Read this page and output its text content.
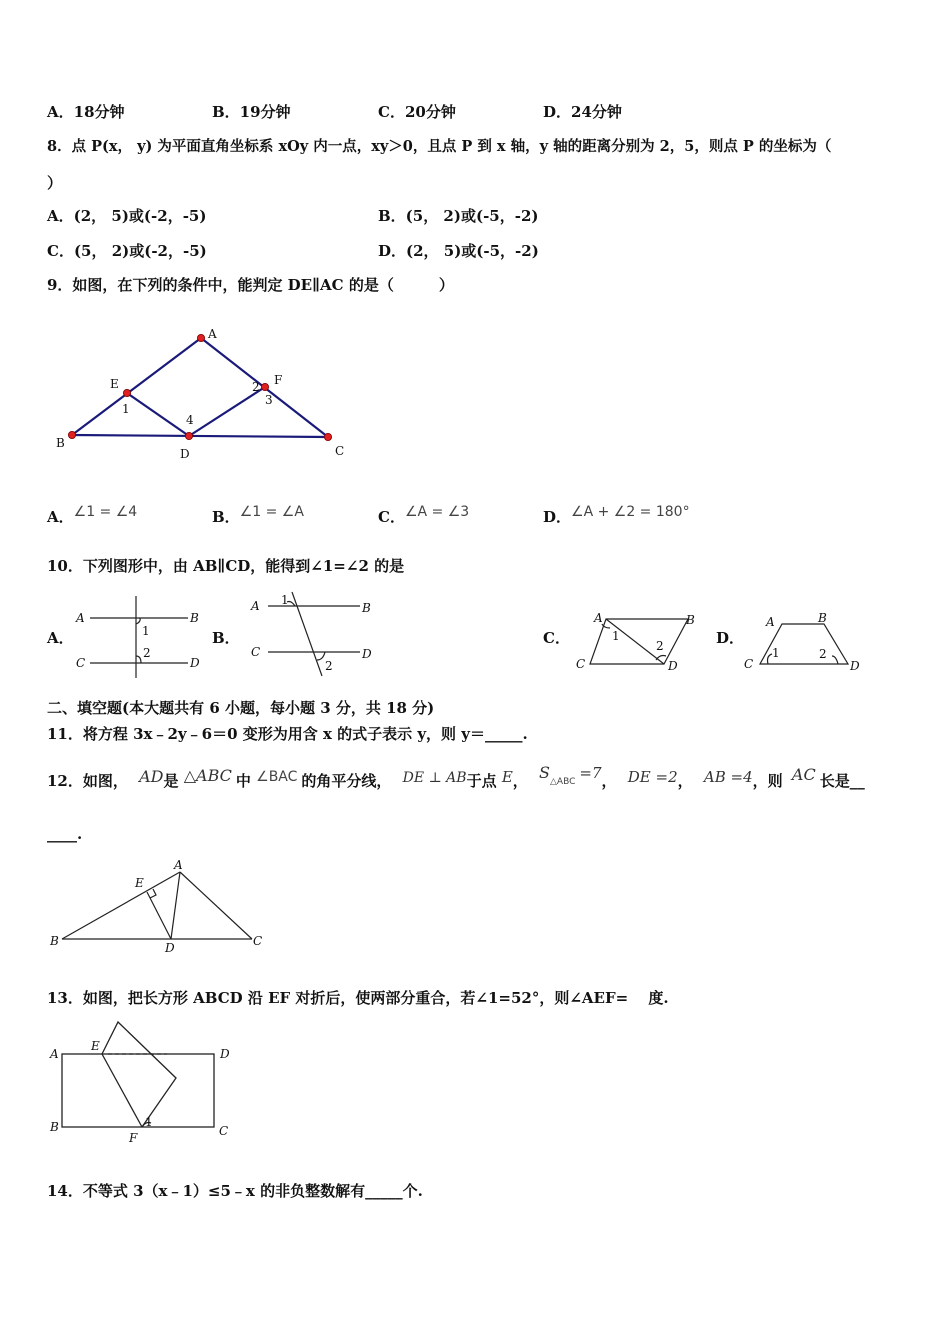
A．18分钟	B．19分钟	C．20分钟	D．24分钟
8．点 P(x， y) 为平面直角坐标系 xOy 内一点，xy＞0，且点 P 到 x 轴，y 轴的距离分别为 2，5，则点 P 的坐标为（
）
A．(2， 5)或(-2，-5)	B．(5， 2)或(-5，-2)
C．(5， 2)或(-2，-5)	D．(2， 5)或(-5，-2)
9．如图，在下列的条件中，能判定 DE∥AC 的是（　　　）
A
B
C
D
E	F
1
2
3
4
A．∠1 = ∠4	B．∠1 = ∠A	C．∠A = ∠3	D．∠A + ∠2 = 180°
10．下列图形中，由 AB∥CD，能得到∠1=∠2 的是
A．
A	B
C	D
1
2
B．
A	B
C	D
1
2
C．
A	B
C	D
1
2	D．
A	B
C	D
1	2
二、填空题(本大题共有 6 小题，每小题 3 分，共 18 分)
11．将方程 3x﹣2y﹣6＝0 变形为用含 x 的式子表示 y，则 y＝_____.
12．如图， AD是 △ABC 中 ∠BAC 的角平分线， DE ⊥ AB于点 E， S△ABC =7， DE =2， AB =4，则 AC 长是__
____.
A
B	C
D
E
13．如图，把长方形 ABCD 沿 EF 对折后，使两部分重合，若∠1=52°，则∠AEF=　 度.
A
B	C
D
E
F
1
14．不等式 3（x﹣1）≤5﹣x 的非负整数解有_____个.
